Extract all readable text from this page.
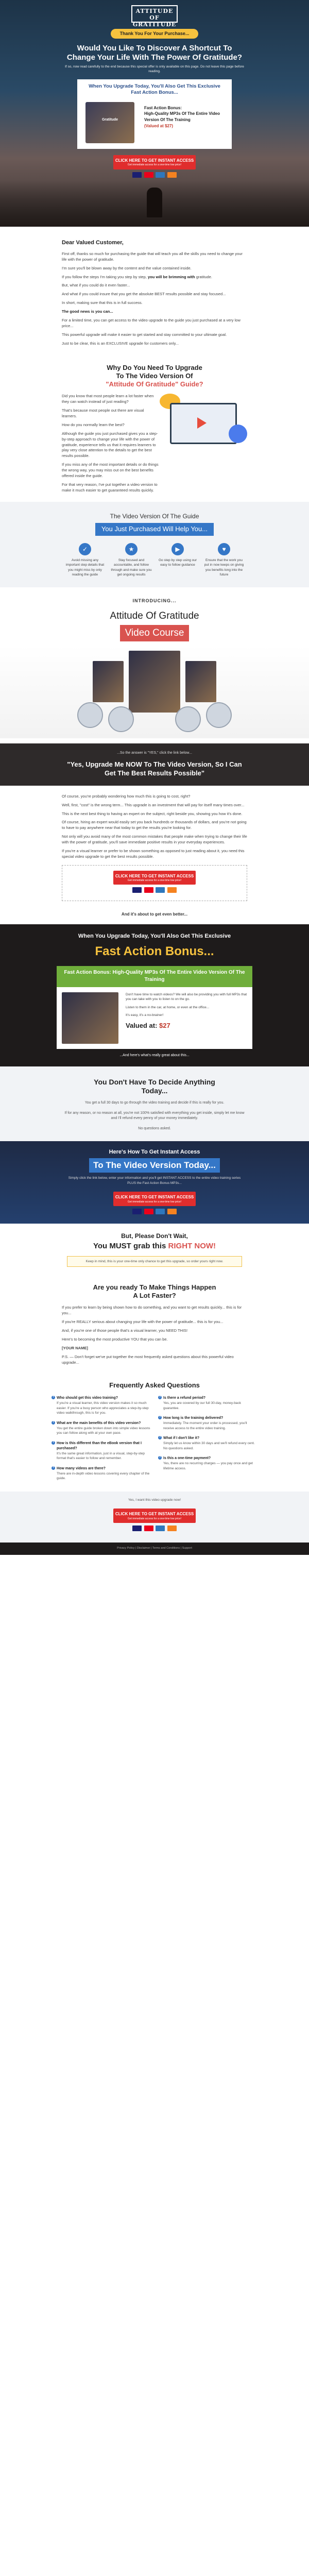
ATTITUDE OF
GRATITUDE
Thank You For Your Purchase...
Would You Like To Discover A Shortcut To Change Your Life With The Power Of Gratitude?
If so, now read carefully to the end because this special offer is only available on this page. Do not leave this page before reading.
When You Upgrade Today, You'll Also Get This Exclusive Fast Action Bonus...
Gratitude
Fast Action Bonus:
High-Quality MP3s Of The Entire Video Version Of The Training
(Valued at $27)
CLICK HERE TO GET INSTANT ACCESS
Get immediate access for a one-time low price!

Dear Valued Customer,

First off, thanks so much for purchasing the guide that will teach you all the skills you need to change your life with the power of gratitude.

I'm sure you'll be blown away by the content and the value contained inside.

If you follow the steps I'm taking you step by step, you will be brimming with gratitude.

But, what if you could do it even faster...

And what if you could insure that you get the absolute BEST results possible and stay focused...

In short, making sure that this is in full success.

The good news is you can...

For a limited time, you can get access to the video upgrade to the guide you just purchased at a very low price...

This powerful upgrade will make it easier to get started and stay committed to your ultimate goal.

Just to be clear, this is an EXCLUSIVE upgrade for customers only...

Why Do You Need To Upgrade
To The Video Version Of
"Attitude Of Gratitude" Guide?

Did you know that most people learn a lot faster when they can watch instead of just reading?

That's because most people out there are visual learners.

How do you normally learn the best?

Although the guide you just purchased gives you a step-by-step approach to change your life with the power of gratitude, experience tells us that it requires learners to play very close attention to the details to get the best results possible.

If you miss any of the most important details or do things the wrong way, you may miss out on the best benefits offered inside the guide.

For that very reason, I've put together a video version to make it much easier to get guaranteed results quickly.

The Video Version Of The Guide
You Just Purchased Will Help You...
✓
Avoid missing any important step details that you might miss by only reading the guide
★
Stay focused and accountable, and follow through and make sure you get ongoing results
▶
Go step by step using our easy to follow guidance
♥
Ensure that the work you put in now keeps on giving you benefits long into the future
INTRODUCING...
Attitude Of Gratitude
Video Course
...So the answer is "YES," click the link below...
"Yes, Upgrade Me NOW To The Video Version, So I Can Get The Best Results Possible"

Of course, you're probably wondering how much this is going to cost, right?

Well, first, "cost" is the wrong term... This upgrade is an investment that will pay for itself many times over...

This is the next best thing to having an expert on the subject, right beside you, showing you how it's done.

Of course, hiring an expert would easily set you back hundreds or thousands of dollars, and you're not going to have to pay anywhere near that today to get the results you're looking for.

Not only will you avoid many of the most common mistakes that people make when trying to change their life with the power of gratitude, you'll save immediate positive results in your everyday experiences.

If you're a visual learner or prefer to be shown something as opposed to just reading about it, you need this special video upgrade to get the best results possible.

CLICK HERE TO GET INSTANT ACCESS
Get immediate access for a one-time low price!

And it's about to get even better...
When You Upgrade Today, You'll Also Get This Exclusive
Fast Action Bonus...
Fast Action Bonus: High-Quality MP3s Of The Entire Video Version Of The Training

Don't have time to watch videos? We will also be providing you with full MP3s that you can take with you to listen to on the go.

Listen to them in the car, at home, or even at the office...

It's easy, it's a no-brainer!

Valued at: $27
...And here's what's really great about this...
You Don't Have To Decide Anything Today...

You get a full 30 days to go through the video training and decide if this is really for you.

If for any reason, or no reason at all, you're not 100% satisfied with everything you get inside, simply let me know and I'll refund every penny of your money immediately.

No questions asked.

Here's How To Get Instant Access
To The Video Version Today...
Simply click the link below, enter your information and you'll get INSTANT ACCESS to the entire video training series PLUS the Fast Action Bonus MP3s...
CLICK HERE TO GET INSTANT ACCESS
Get immediate access for a one-time low price!

But, Please Don't Wait,
You MUST grab this RIGHT NOW!
Keep in mind, this is your one-time only chance to get this upgrade, so order yours right now.
Are you ready To Make Things Happen A Lot Faster?

If you prefer to learn by being shown how to do something, and you want to get results quickly... this is for you...

If you're REALLY serious about changing your life with the power of gratitude... this is for you...

And, if you're one of those people that's a visual learner, you NEED THIS!

Here's to becoming the most productive YOU that you can be.

[YOUR NAME]

P.S. — Don't forget we've put together the most frequently asked questions about this powerful video upgrade...

Frequently Asked Questions
? Who should get this video training?
If you're a visual learner, this video version makes it so much easier. If you're a busy person who appreciates a step-by-step video walkthrough, this is for you.
? What are the main benefits of this video version?
You get the entire guide broken down into simple video lessons you can follow along with at your own pace.
? How is this different than the eBook version that I purchased?
It's the same great information, just in a visual, step-by-step format that's easier to follow and remember.
? How many videos are there?
There are in-depth video lessons covering every chapter of the guide.
? Is there a refund period?
Yes, you are covered by our full 30-day, money-back guarantee.
? How long is the training delivered?
Immediately. The moment your order is processed, you'll receive access to the entire video training.
? What if I don't like it?
Simply let us know within 30 days and we'll refund every cent. No questions asked.
? Is this a one-time payment?
Yes, there are no recurring charges — you pay once and get lifetime access.
Yes, I want this video upgrade now!
CLICK HERE TO GET INSTANT ACCESS
Get immediate access for a one-time low price!

Privacy Policy | Disclaimer | Terms and Conditions | Support
